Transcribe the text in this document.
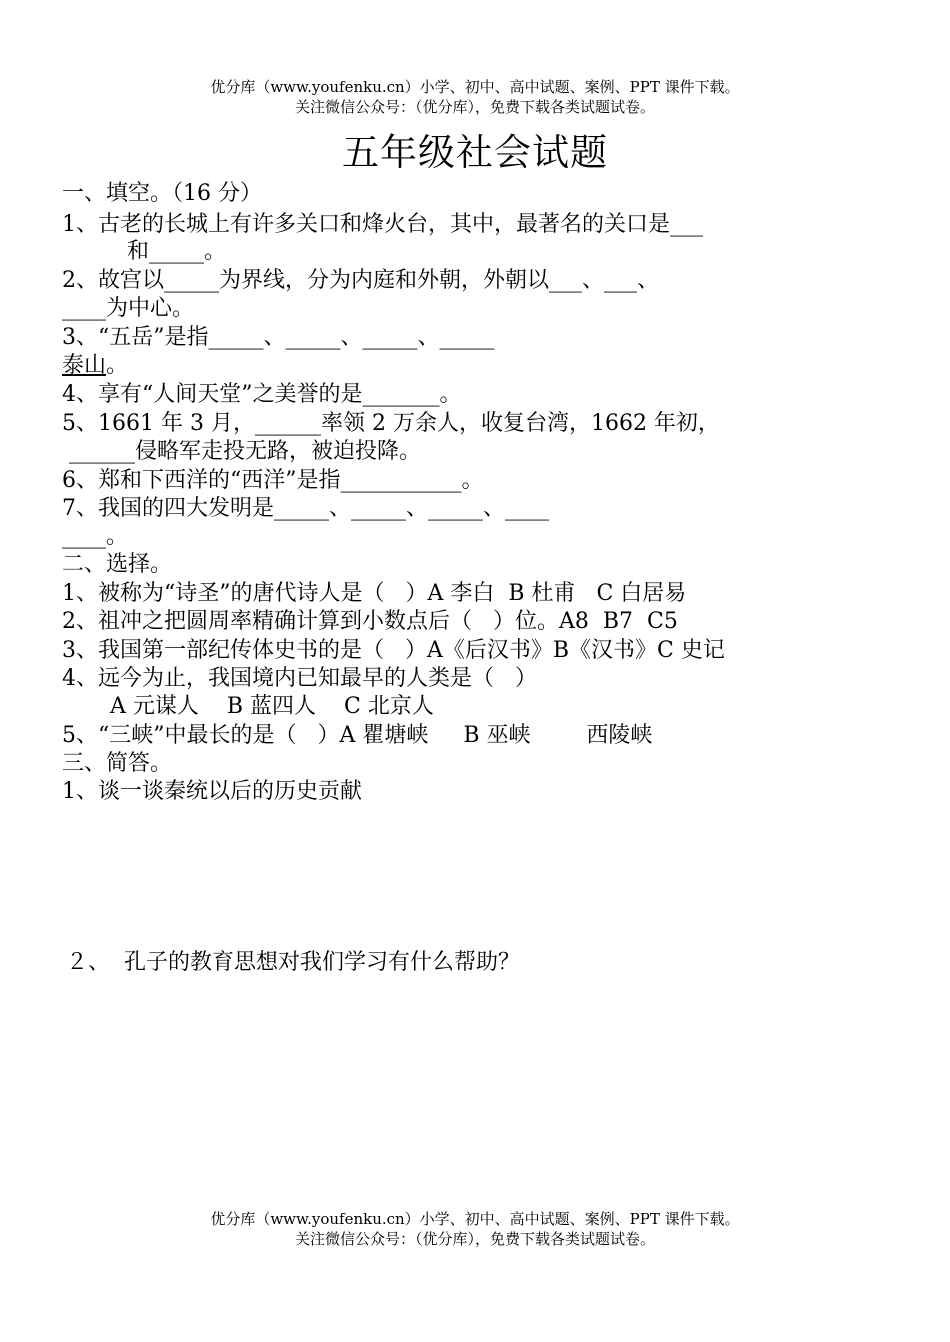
优分库（www.youfenku.cn）小学、初中、高中试题、案例、PPT 课件下载。
关注微信公众号：（优分库），免费下载各类试题试卷。
五年级社会试题
一、填空。（16 分）
1、古老的长城上有许多关口和烽火台，其中，最著名的关口是___
和_____。
2、故宫以_____为界线，分为内庭和外朝，外朝以___、___、
____为中心。
3、“五岳”是指_____、_____、_____、_____
泰山。
4、享有“人间天堂”之美誉的是_______。
5、1661 年 3 月，______率领 2 万余人，收复台湾，1662 年初，
______侵略军走投无路，被迫投降。
6、郑和下西洋的“西洋”是指___________。
7、我国的四大发明是_____、_____、_____、____
____。
二、选择。
1、被称为“诗圣”的唐代诗人是（   ）A 李白  B 杜甫   C 白居易
2、祖冲之把圆周率精确计算到小数点后（   ）位。A8  B7  C5
3、我国第一部纪传体史书的是（   ）A《后汉书》B《汉书》C 史记
4、远今为止，我国境内已知最早的人类是（   ）
A 元谋人    B 蓝四人    C 北京人
5、“三峡”中最长的是（   ）A 瞿塘峡     B 巫峡        西陵峡
三、简答。
1、谈一谈秦统以后的历史贡献
２、  孔子的教育思想对我们学习有什么帮助？
优分库（www.youfenku.cn）小学、初中、高中试题、案例、PPT 课件下载。
关注微信公众号：（优分库），免费下载各类试题试卷。
